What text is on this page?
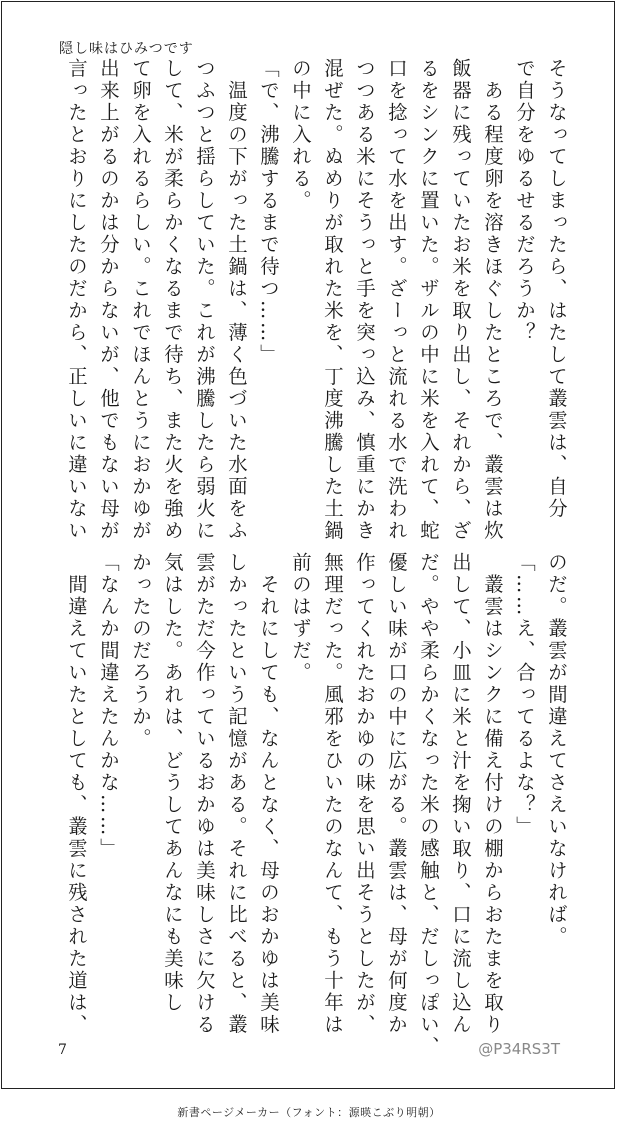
隠し味はひみつです
そうなってしまったら、はたして叢雲は、自分
で自分をゆるせるだろうか？
　ある程度卵を溶きほぐしたところで、叢雲は炊
飯器に残っていたお米を取り出し、それから、ざ
るをシンクに置いた。ザルの中に米を入れて、蛇
口を捻って水を出す。ざーっと流れる水で洗われ
つつある米にそうっと手を突っ込み、慎重にかき
混ぜた。ぬめりが取れた米を、丁度沸騰した土鍋
の中に入れる。
「で、沸騰するまで待つ……」
　温度の下がった土鍋は、薄く色づいた水面をふ
つふつと揺らしていた。これが沸騰したら弱火に
して、米が柔らかくなるまで待ち、また火を強め
て卵を入れるらしい。これでほんとうにおかゆが
出来上がるのかは分からないが、他でもない母が
言ったとおりにしたのだから、正しいに違いない
のだ。叢雲が間違えてさえいなければ。
「……え、合ってるよな？」
　叢雲はシンクに備え付けの棚からおたまを取り
出して、小皿に米と汁を掬い取り、口に流し込ん
だ。やや柔らかくなった米の感触と、だしっぽい、
優しい味が口の中に広がる。叢雲は、母が何度か
作ってくれたおかゆの味を思い出そうとしたが、
無理だった。風邪をひいたのなんて、もう十年は
前のはずだ。
　それにしても、なんとなく、母のおかゆは美味
しかったという記憶がある。それに比べると、叢
雲がただ今作っているおかゆは美味しさに欠ける
気はした。あれは、どうしてあんなにも美味し
かったのだろうか。
「なんか間違えたんかな……」
　間違えていたとしても、叢雲に残された道は、
7	@P34RS3T
新書ページメーカー（フォント：源暎こぶり明朝）
